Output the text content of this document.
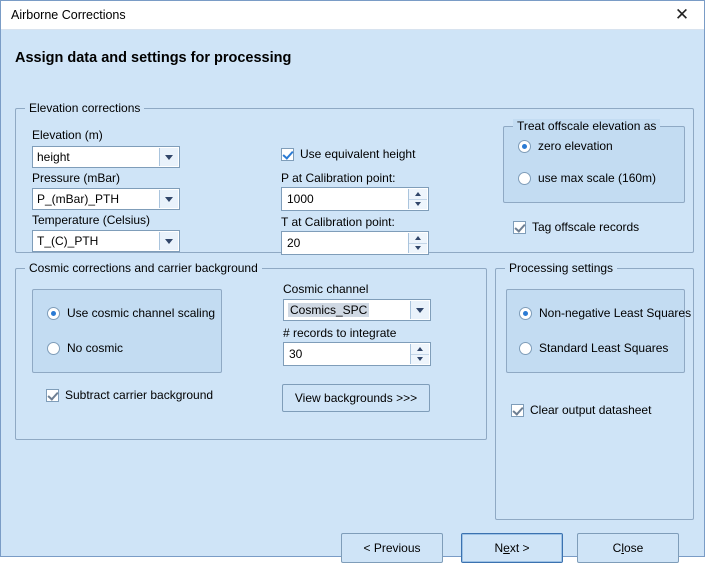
Airborne Corrections	✕
Assign data and settings for processing
Elevation corrections
Elevation (m)
height
Pressure (mBar)
P_(mBar)_PTH
Temperature (Celsius)
T_(C)_PTH
Use equivalent height
P at Calibration point:
1000
T at Calibration point:
20
Treat offscale elevation as
zero elevation
use max scale (160m)
Tag offscale records
Cosmic corrections and carrier background
Use cosmic channel scaling
No cosmic
Subtract carrier background
Cosmic channel
Cosmics_SPC
# records to integrate
30
View backgrounds >>>
Processing settings
Non-negative Least Squares
Standard Least Squares
Clear output datasheet
< Previous	Next >	Close
